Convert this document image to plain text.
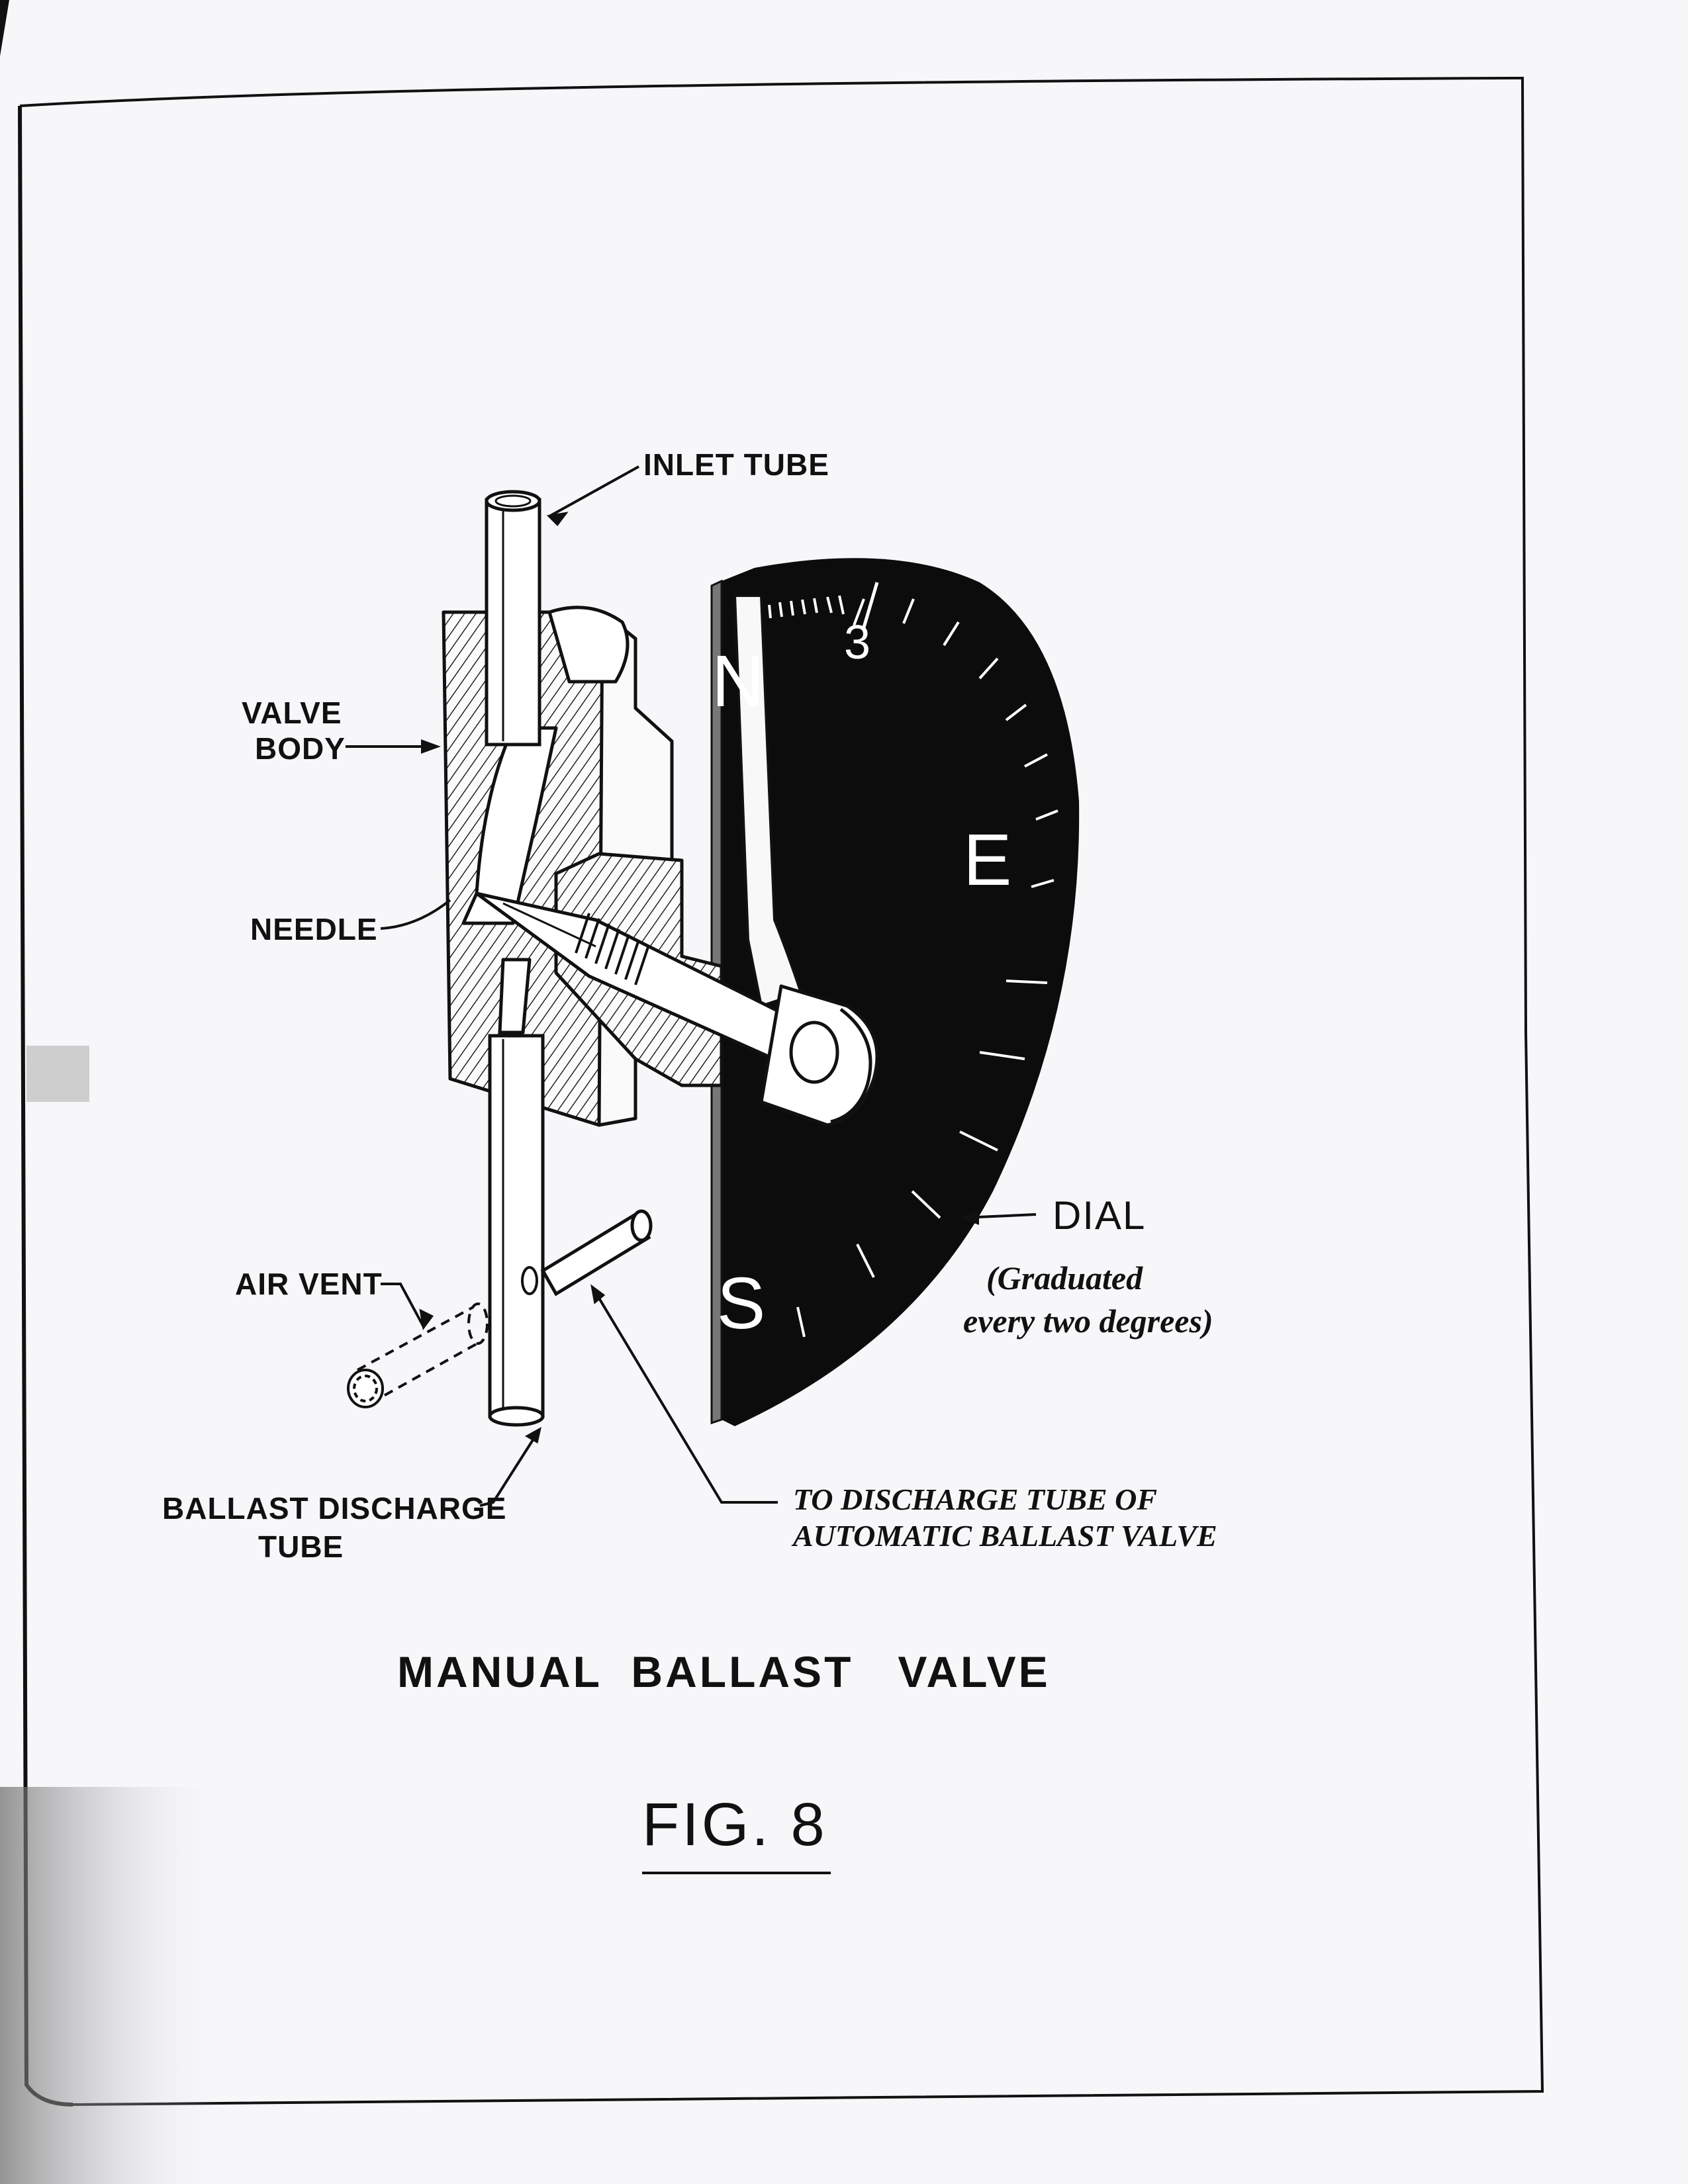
N
E
S
3
INLET TUBE
VALVE
BODY
NEEDLE
AIR VENT
BALLAST DISCHARGE
TUBE
DIAL
(Graduated
every two degrees)
TO DISCHARGE TUBE OF
AUTOMATIC BALLAST VALVE
MANUAL  BALLAST   VALVE
FIG. 8
